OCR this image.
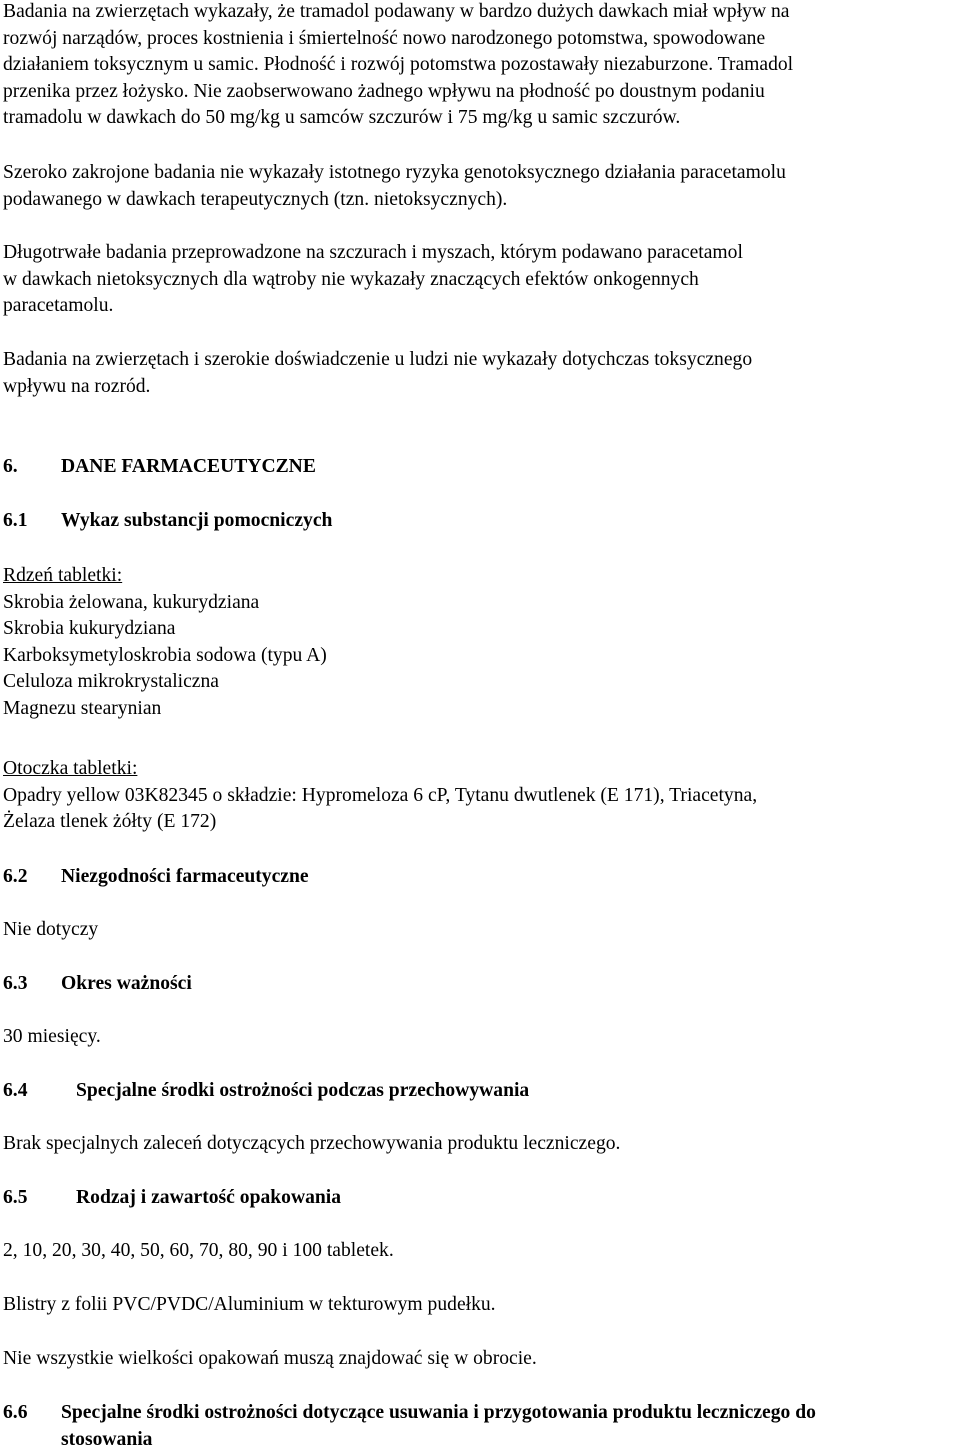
Badania na zwierzętach wykazały, że tramadol podawany w bardzo dużych dawkach miał wpływ na
rozwój narządów, proces kostnienia i śmiertelność nowo narodzonego potomstwa, spowodowane
działaniem toksycznym u samic. Płodność i rozwój potomstwa pozostawały niezaburzone. Tramadol
przenika przez łożysko. Nie zaobserwowano żadnego wpływu na płodność po doustnym podaniu
tramadolu w dawkach do 50 mg/kg u samców szczurów i 75 mg/kg u samic szczurów.

Szeroko zakrojone badania nie wykazały istotnego ryzyka genotoksycznego działania paracetamolu
podawanego w dawkach terapeutycznych (tzn. nietoksycznych).

Długotrwałe badania przeprowadzone na szczurach i myszach, którym podawano paracetamol
w dawkach nietoksycznych dla wątroby nie wykazały znaczących efektów onkogennych
paracetamolu.

Badania na zwierzętach i szerokie doświadczenie u ludzi nie wykazały dotychczas toksycznego
wpływu na rozród.

6. DANE FARMACEUTYCZNE
6.1 Wykaz substancji pomocniczych
Rdzeń tabletki:
Skrobia żelowana, kukurydziana
Skrobia kukurydziana
Karboksymetyloskrobia sodowa (typu A)
Celuloza mikrokrystaliczna
Magnezu stearynian
Otoczka tabletki:
Opadry yellow 03K82345 o składzie: Hypromeloza 6 cP, Tytanu dwutlenek (E 171), Triacetyna,
Żelaza tlenek żółty (E 172)
6.2 Niezgodności farmaceutyczne
Nie dotyczy
6.3 Okres ważności
30 miesięcy.
6.4 Specjalne środki ostrożności podczas przechowywania
Brak specjalnych zaleceń dotyczących przechowywania produktu leczniczego.
6.5 Rodzaj i zawartość opakowania
2, 10, 20, 30, 40, 50, 60, 70, 80, 90 i 100 tabletek.
Blistry z folii PVC/PVDC/Aluminium w tekturowym pudełku.
Nie wszystkie wielkości opakowań muszą znajdować się w obrocie.
6.6 Specjalne środki ostrożności dotyczące usuwania i przygotowania produktu leczniczego do
stosowania
